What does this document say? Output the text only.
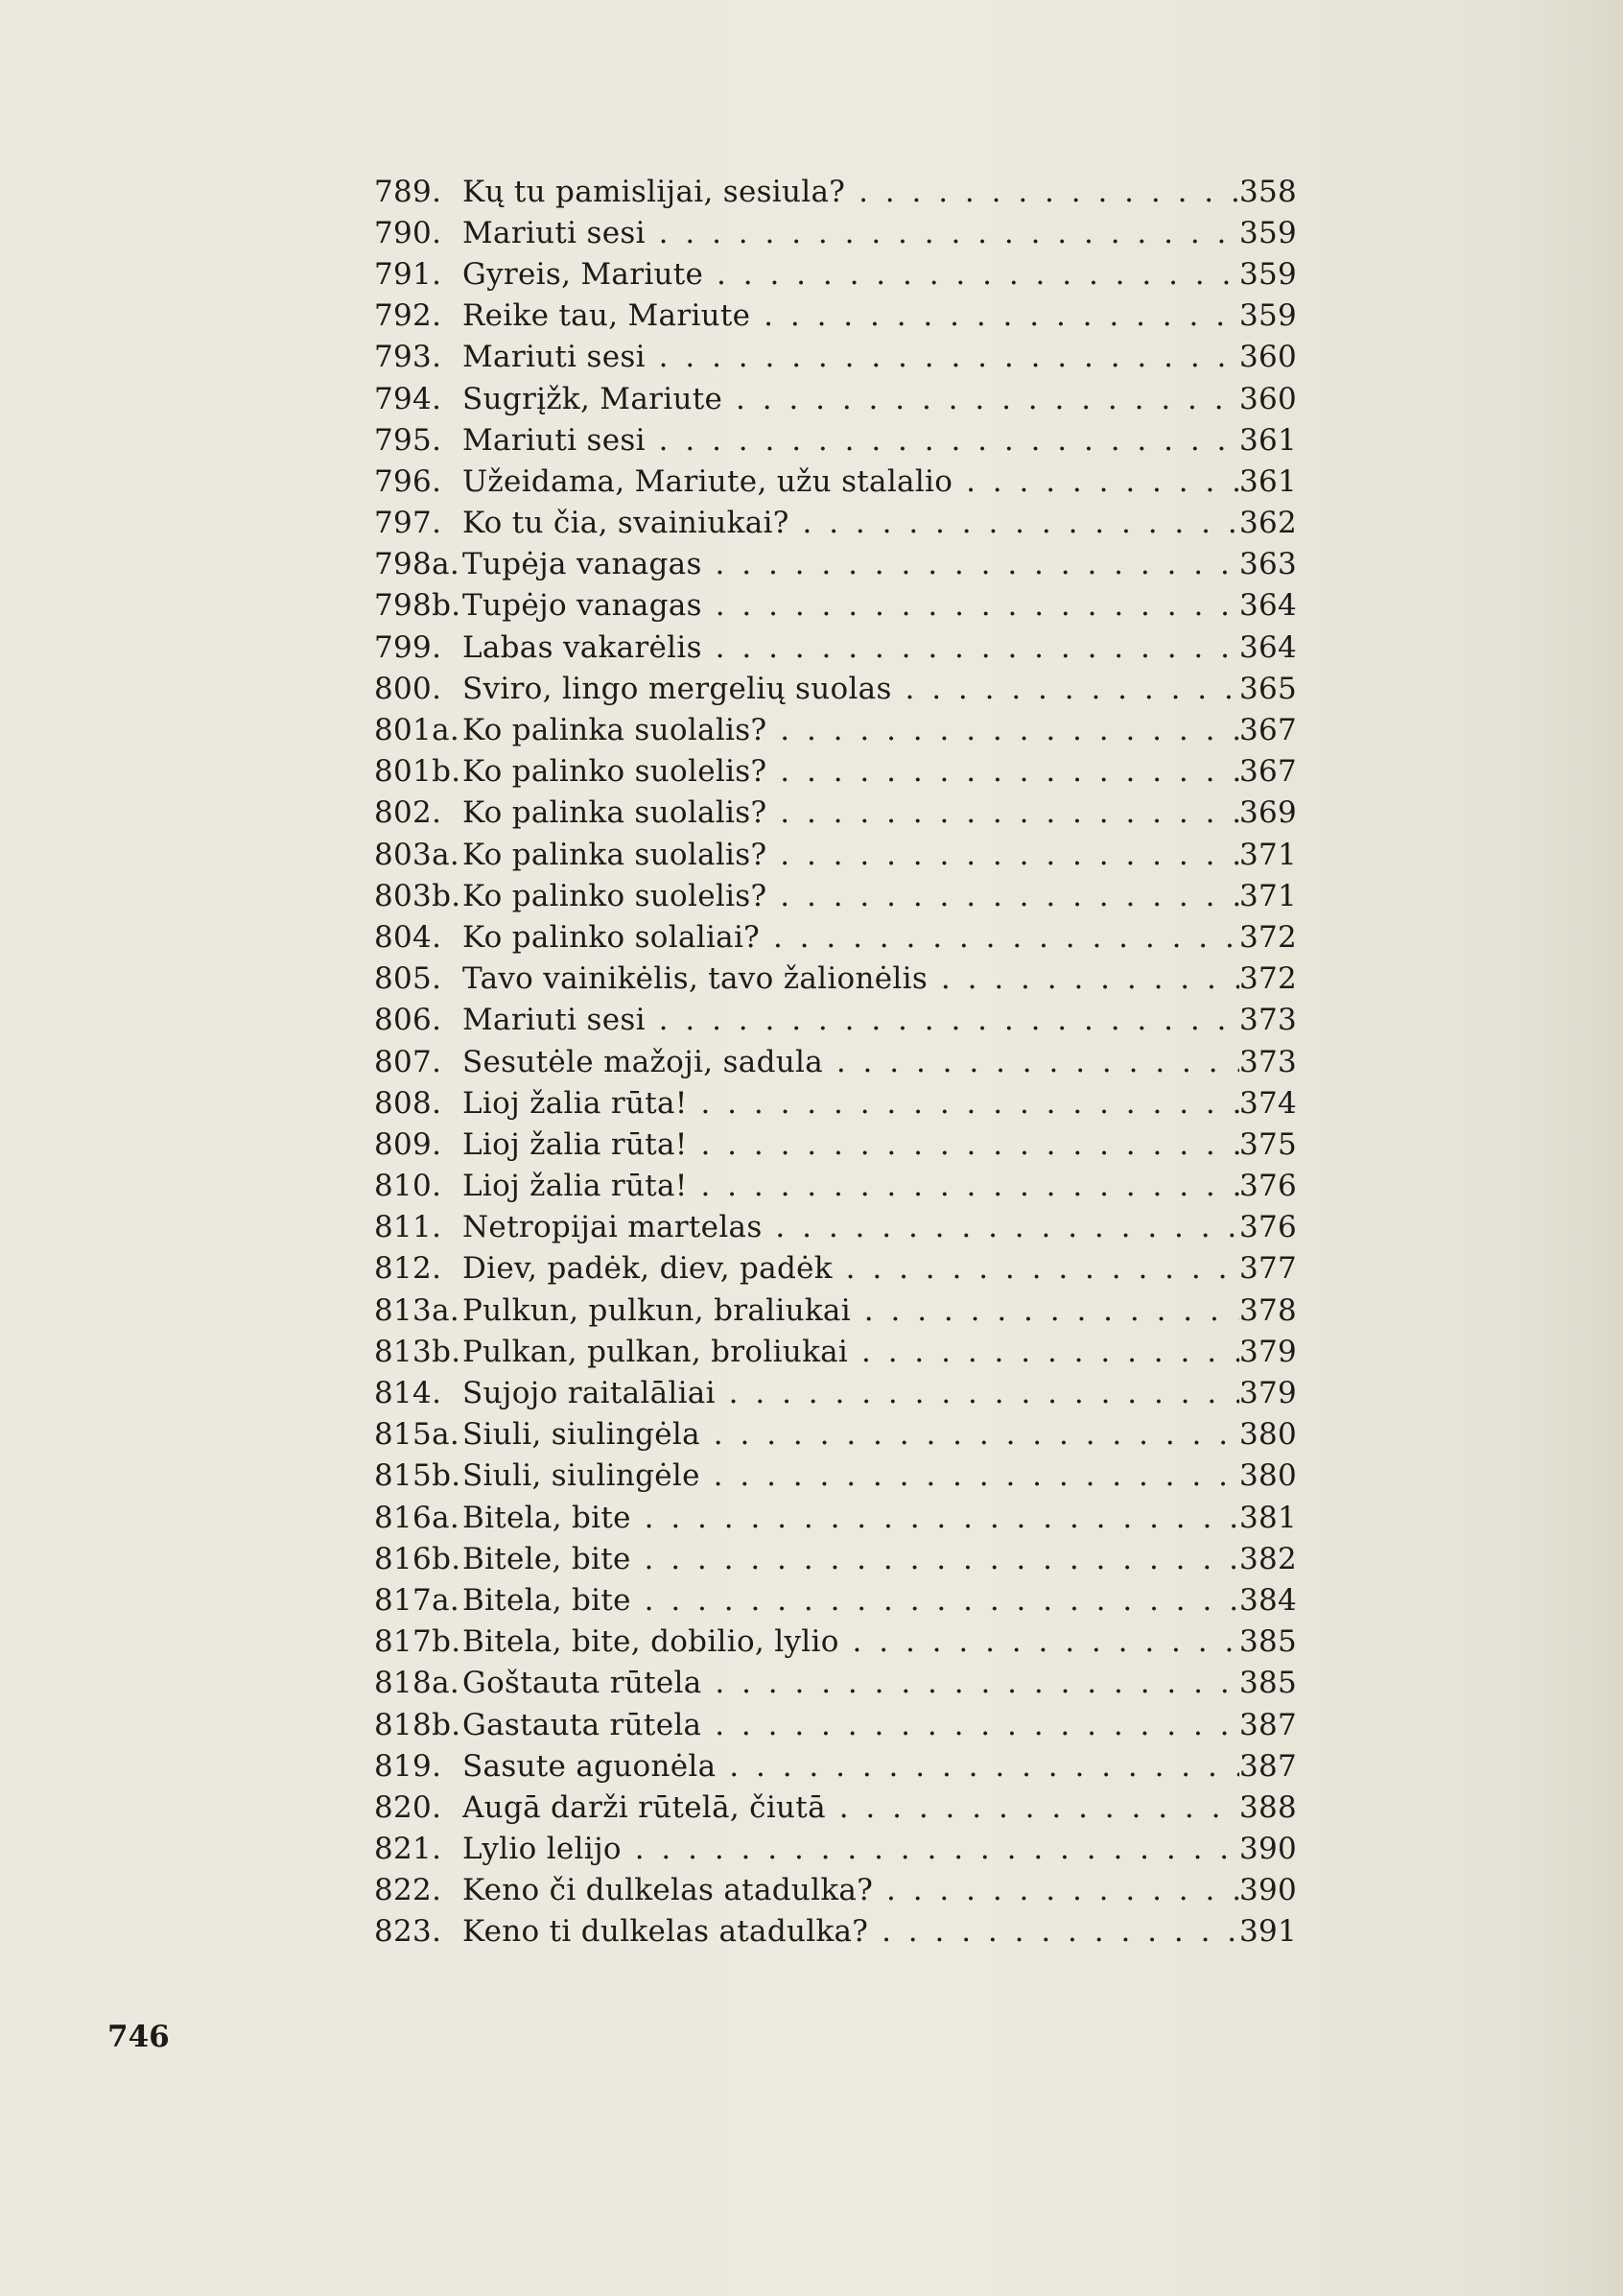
789. Kų tu pamislijai, sesiula? . . .	358
790. Mariuti sesi . . .	359
791. Gyreis, Mariute . . .	359
792. Reike tau, Mariute . . .	359
793. Mariuti sesi . . .	360
794. Sugrįžk, Mariute . . .	360
795. Mariuti sesi . . .	361
796. Užeidama, Mariute, užu stalalio . . .	361
797. Ko tu čia, svainiukai? . . .	362
798a. Tupėja vanagas . . .	363
798b. Tupėjo vanagas . . .	364
799. Labas vakarėlis . . .	364
800. Sviro, lingo mergelių suolas . . .	365
801a. Ko palinka suolalis? . . .	367
801b. Ko palinko suolelis? . . .	367
802. Ko palinka suolalis? . . .	369
803a. Ko palinka suolalis? . . .	371
803b. Ko palinko suolelis? . . .	371
804. Ko palinko solaliai? . . .	372
805. Tavo vainikėlis, tavo žalionėlis . . .	372
806. Mariuti sesi . . .	373
807. Sesutėle mažoji, sadula . . .	373
808. Lioj žalia rūta! . . .	374
809. Lioj žalia rūta! . . .	375
810. Lioj žalia rūta! . . .	376
811. Netropijai martelas . . .	376
812. Diev, padėk, diev, padėk . . .	377
813a. Pulkun, pulkun, braliukai . . .	378
813b. Pulkan, pulkan, broliukai . . .	379
814. Sujojo raitalāliai . . .	379
815a. Siuli, siulingėla . . .	380
815b. Siuli, siulingėle . . .	380
816a. Bitela, bite . . .	381
816b. Bitele, bite . . .	382
817a. Bitela, bite . . .	384
817b. Bitela, bite, dobilio, lylio . . .	385
818a. Goštauta rūtela . . .	385
818b. Gastauta rūtela . . .	387
819. Sasute aguonėla . . .	387
820. Augā darži rūtelā, čiutā . . .	388
821. Lylio lelijo . . .	390
822. Keno či dulkelas atadulka? . . .	390
823. Keno ti dulkelas atadulka? . . .	391
746
